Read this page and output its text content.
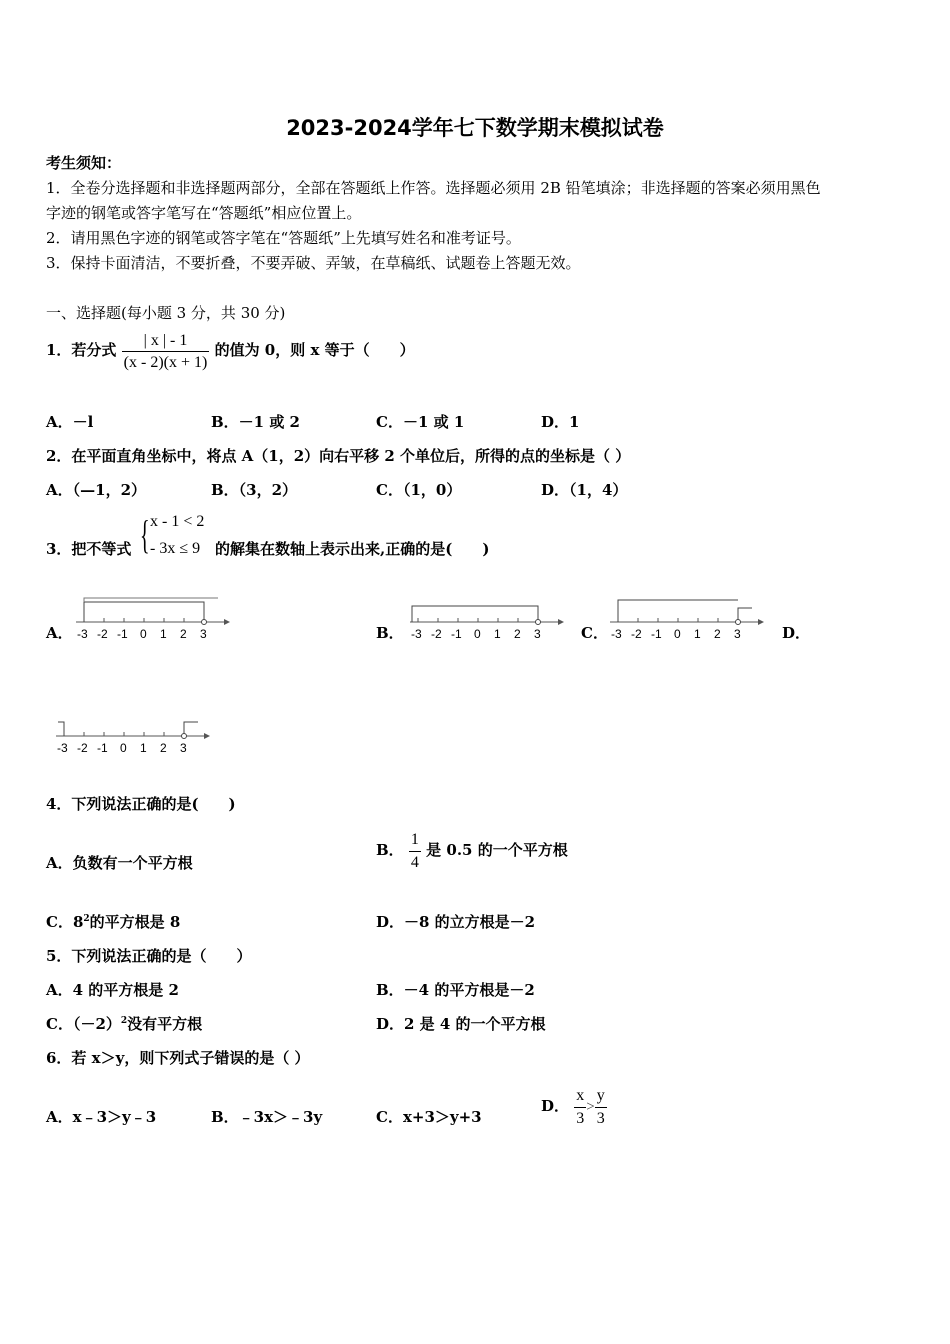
2023-2024学年七下数学期末模拟试卷
考生须知：
1．全卷分选择题和非选择题两部分，全部在答题纸上作答。选择题必须用 2B 铅笔填涂；非选择题的答案必须用黑色
字迹的钢笔或答字笔写在“答题纸”相应位置上。
2．请用黑色字迹的钢笔或答字笔在“答题纸”上先填写姓名和准考证号。
3．保持卡面清洁，不要折叠，不要弄破、弄皱，在草稿纸、试题卷上答题无效。
一、选择题(每小题 3 分，共 30 分)
1．若分式 $\frac{| x | - 1}{(x - 2)(x + 1)}$ 的值为 0，则 x 等于（　　）
A．－l	B．－1 或 2	C．－1 或 1	D．1
2．在平面直角坐标中，将点 A（1，2）向右平移 2 个单位后，所得的点的坐标是（ ）
A．（—1，2）	B．（3，2）	C．（1，0）	D．（1，4）
3．把不等式 { x - 1 < 2
- 3x ≤ 9 的解集在数轴上表示出来,正确的是(　　)
A．	B．	C．	D．
-3 -2 -1 0 1 2 3	-3 -2 -1 0 1 2 3	-3 -2 -1 0 1 2 3
-3 -2 -1 0 1 2 3
4．下列说法正确的是(　　)
A．负数有一个平方根
B． $\frac{1}{4}$ 是 0.5 的一个平方根
C．$8^2$的平方根是 8	D．－8 的立方根是－2
5．下列说法正确的是（　　）
A．4 的平方根是 2	B．－4 的平方根是－2
C．$(-2)^2$没有平方根	D．2 是 4 的一个平方根
6．若 x＞y，则下列式子错误的是（ ）
A．x﹣3＞y﹣3	B．﹣3x＞﹣3y	C．x+3＞y+3
D． $\frac{x}{3} > \frac{y}{3}$
